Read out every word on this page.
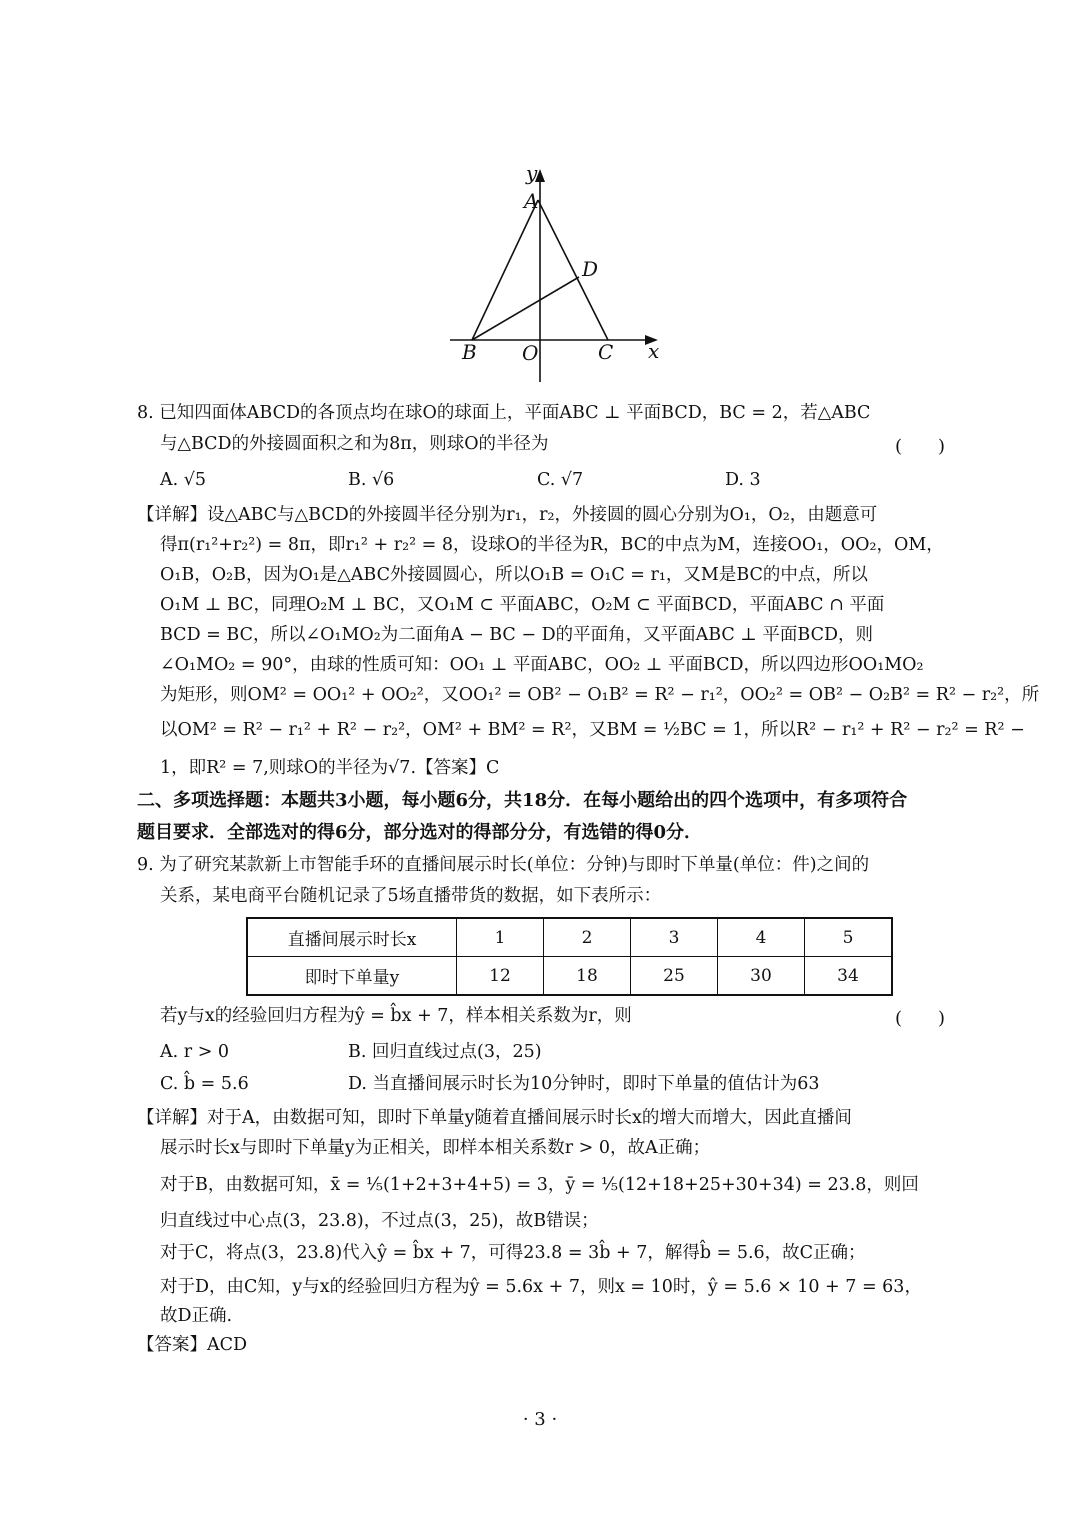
y
A
D
B O	C x
8. 已知四面体ABCD的各顶点均在球O的球面上，平面ABC ⊥ 平面BCD，BC = 2，若△ABC
与△BCD的外接圆面积之和为8π，则球O的半径为	(　　)
A. √5	B. √6	C. √7	D. 3
【详解】设△ABC与△BCD的外接圆半径分别为r₁，r₂，外接圆的圆心分别为O₁，O₂，由题意可
得π(r₁²+r₂²) = 8π，即r₁² + r₂² = 8，设球O的半径为R，BC的中点为M，连接OO₁，OO₂，OM，
O₁B，O₂B，因为O₁是△ABC外接圆圆心，所以O₁B = O₁C = r₁，又M是BC的中点，所以
O₁M ⊥ BC，同理O₂M ⊥ BC，又O₁M ⊂ 平面ABC，O₂M ⊂ 平面BCD，平面ABC ∩ 平面
BCD = BC，所以∠O₁MO₂为二面角A − BC − D的平面角，又平面ABC ⊥ 平面BCD，则
∠O₁MO₂ = 90°，由球的性质可知：OO₁ ⊥ 平面ABC，OO₂ ⊥ 平面BCD，所以四边形OO₁MO₂
为矩形，则OM² = OO₁² + OO₂²，又OO₁² = OB² − O₁B² = R² − r₁²，OO₂² = OB² − O₂B² = R² − r₂²，所
以OM² = R² − r₁² + R² − r₂²，OM² + BM² = R²，又BM = ½BC = 1，所以R² − r₁² + R² − r₂² = R² −
1，即R² = 7,则球O的半径为√7.【答案】C
二、多项选择题：本题共3小题，每小题6分，共18分．在每小题给出的四个选项中，有多项符合
题目要求．全部选对的得6分，部分选对的得部分分，有选错的得0分．
9. 为了研究某款新上市智能手环的直播间展示时长(单位：分钟)与即时下单量(单位：件)之间的
关系，某电商平台随机记录了5场直播带货的数据，如下表所示：
直播间展示时长x	1	2	3	4	5
即时下单量y	12	18	25	30	34
若y与x的经验回归方程为ŷ = b̂x + 7，样本相关系数为r，则	(　　)
A. r > 0	B. 回归直线过点(3，25)
C. b̂ = 5.6	D. 当直播间展示时长为10分钟时，即时下单量的值估计为63
【详解】对于A，由数据可知，即时下单量y随着直播间展示时长x的增大而增大，因此直播间
展示时长x与即时下单量y为正相关，即样本相关系数r > 0，故A正确；
对于B，由数据可知，x̄ = ⅕(1+2+3+4+5) = 3，ȳ = ⅕(12+18+25+30+34) = 23.8，则回
归直线过中心点(3，23.8)，不过点(3，25)，故B错误；
对于C，将点(3，23.8)代入ŷ = b̂x + 7，可得23.8 = 3b̂ + 7，解得b̂ = 5.6，故C正确；
对于D，由C知，y与x的经验回归方程为ŷ = 5.6x + 7，则x = 10时，ŷ = 5.6 × 10 + 7 = 63，
故D正确.
【答案】ACD
· 3 ·
